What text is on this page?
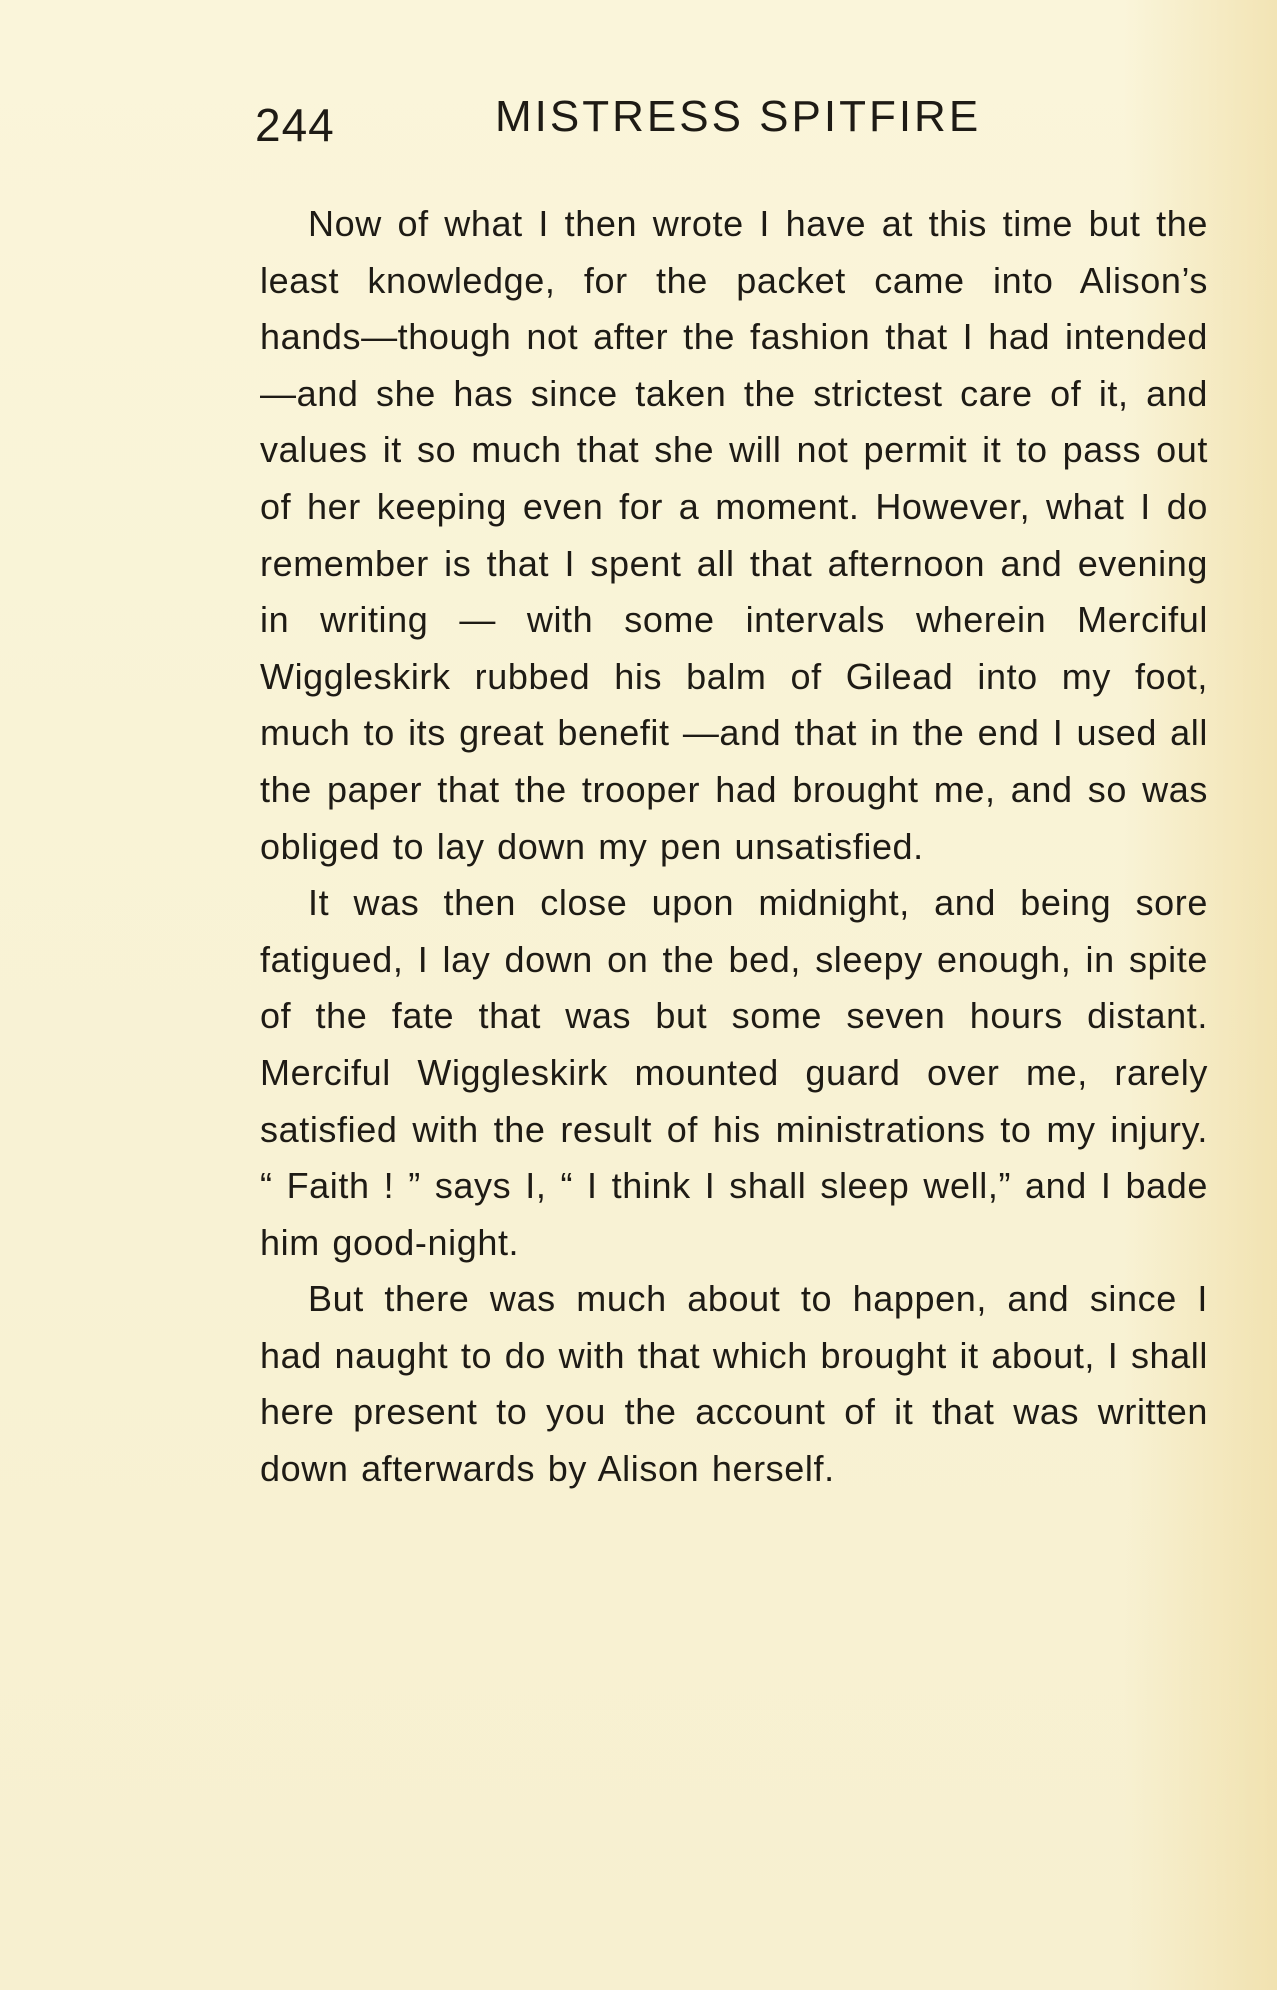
244	MISTRESS SPITFIRE

Now of what I then wrote I have at this time but the least knowledge, for the packet came into Alison’s hands—though not after the fashion that I had intended—and she has since taken the strictest care of it, and values it so much that she will not permit it to pass out of her keeping even for a moment. However, what I do remember is that I spent all that afternoon and evening in writing — with some intervals wherein Merciful Wiggleskirk rubbed his balm of Gilead into my foot, much to its great benefit —and that in the end I used all the paper that the trooper had brought me, and so was obliged to lay down my pen unsatisfied.

It was then close upon midnight, and being sore fatigued, I lay down on the bed, sleepy enough, in spite of the fate that was but some seven hours distant. Merciful Wiggleskirk mounted guard over me, rarely satisfied with the result of his ministrations to my injury. “ Faith ! ” says I, “ I think I shall sleep well,” and I bade him good-night.

But there was much about to happen, and since I had naught to do with that which brought it about, I shall here present to you the account of it that was written down afterwards by Alison herself.
